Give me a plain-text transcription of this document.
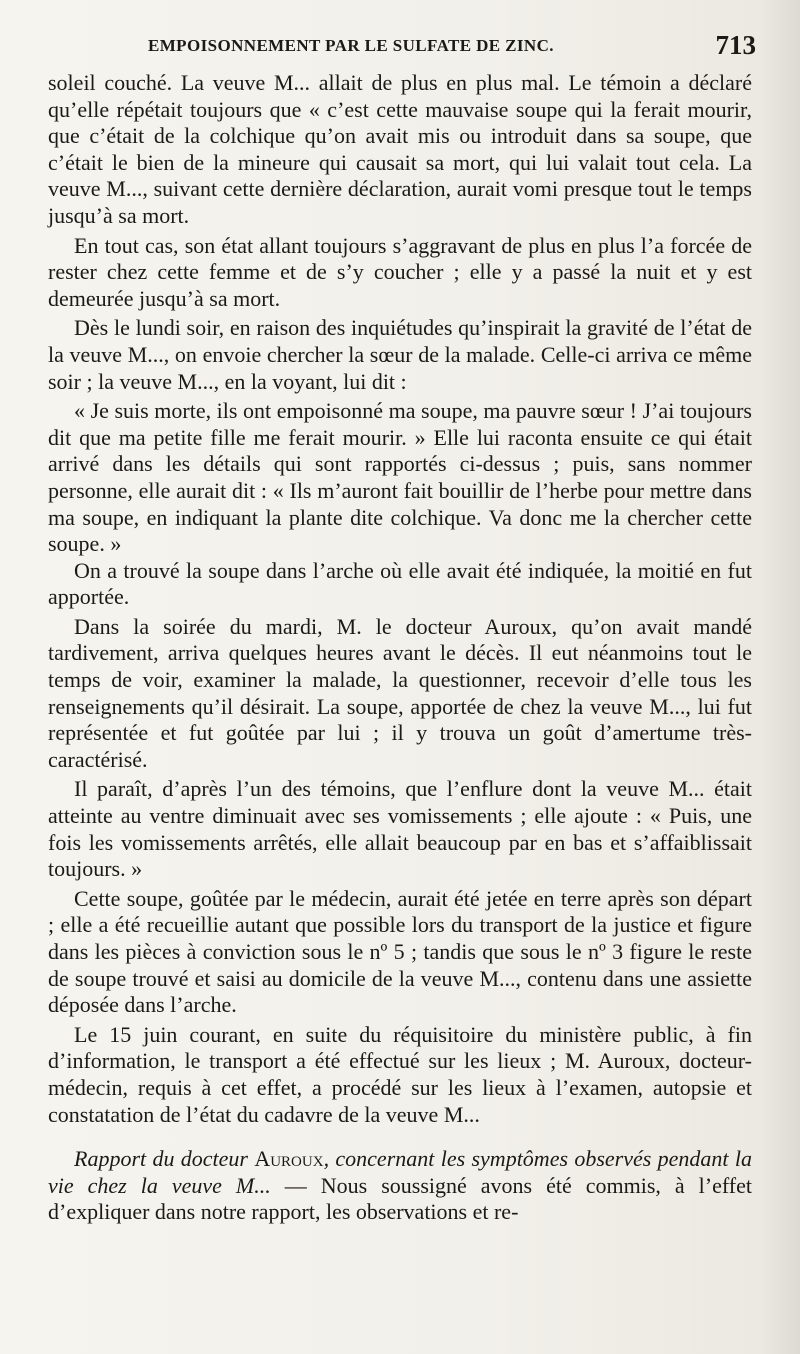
EMPOISONNEMENT PAR LE SULFATE DE ZINC.	713

soleil couché. La veuve M... allait de plus en plus mal. Le témoin a déclaré qu’elle répétait toujours que « c’est cette mauvaise soupe qui la ferait mourir, que c’était de la colchique qu’on avait mis ou introduit dans sa soupe, que c’était le bien de la mineure qui causait sa mort, qui lui valait tout cela. La veuve M..., suivant cette dernière déclaration, aurait vomi presque tout le temps jusqu’à sa mort.

En tout cas, son état allant toujours s’aggravant de plus en plus l’a forcée de rester chez cette femme et de s’y coucher ; elle y a passé la nuit et y est demeurée jusqu’à sa mort.

Dès le lundi soir, en raison des inquiétudes qu’inspirait la gravité de l’état de la veuve M..., on envoie chercher la sœur de la malade. Celle-ci arriva ce même soir ; la veuve M..., en la voyant, lui dit :

« Je suis morte, ils ont empoisonné ma soupe, ma pauvre sœur ! J’ai toujours dit que ma petite fille me ferait mourir. » Elle lui raconta ensuite ce qui était arrivé dans les détails qui sont rapportés ci-dessus ; puis, sans nommer personne, elle aurait dit : « Ils m’auront fait bouillir de l’herbe pour mettre dans ma soupe, en indiquant la plante dite colchique. Va donc me la chercher cette soupe. »

On a trouvé la soupe dans l’arche où elle avait été indiquée, la moitié en fut apportée.

Dans la soirée du mardi, M. le docteur Auroux, qu’on avait mandé tardivement, arriva quelques heures avant le décès. Il eut néanmoins tout le temps de voir, examiner la malade, la questionner, recevoir d’elle tous les renseignements qu’il désirait. La soupe, apportée de chez la veuve M..., lui fut représentée et fut goûtée par lui ; il y trouva un goût d’amertume très-caractérisé.

Il paraît, d’après l’un des témoins, que l’enflure dont la veuve M... était atteinte au ventre diminuait avec ses vomissements ; elle ajoute : « Puis, une fois les vomissements arrêtés, elle allait beaucoup par en bas et s’affaiblissait toujours. »

Cette soupe, goûtée par le médecin, aurait été jetée en terre après son départ ; elle a été recueillie autant que possible lors du transport de la justice et figure dans les pièces à conviction sous le nº 5 ; tandis que sous le nº 3 figure le reste de soupe trouvé et saisi au domicile de la veuve M..., contenu dans une assiette déposée dans l’arche.

Le 15 juin courant, en suite du réquisitoire du ministère public, à fin d’information, le transport a été effectué sur les lieux ; M. Auroux, docteur-médecin, requis à cet effet, a procédé sur les lieux à l’examen, autopsie et constatation de l’état du cadavre de la veuve M...

Rapport du docteur Auroux, concernant les symptômes observés pendant la vie chez la veuve M... — Nous soussigné avons été commis, à l’effet d’expliquer dans notre rapport, les observations et re-
